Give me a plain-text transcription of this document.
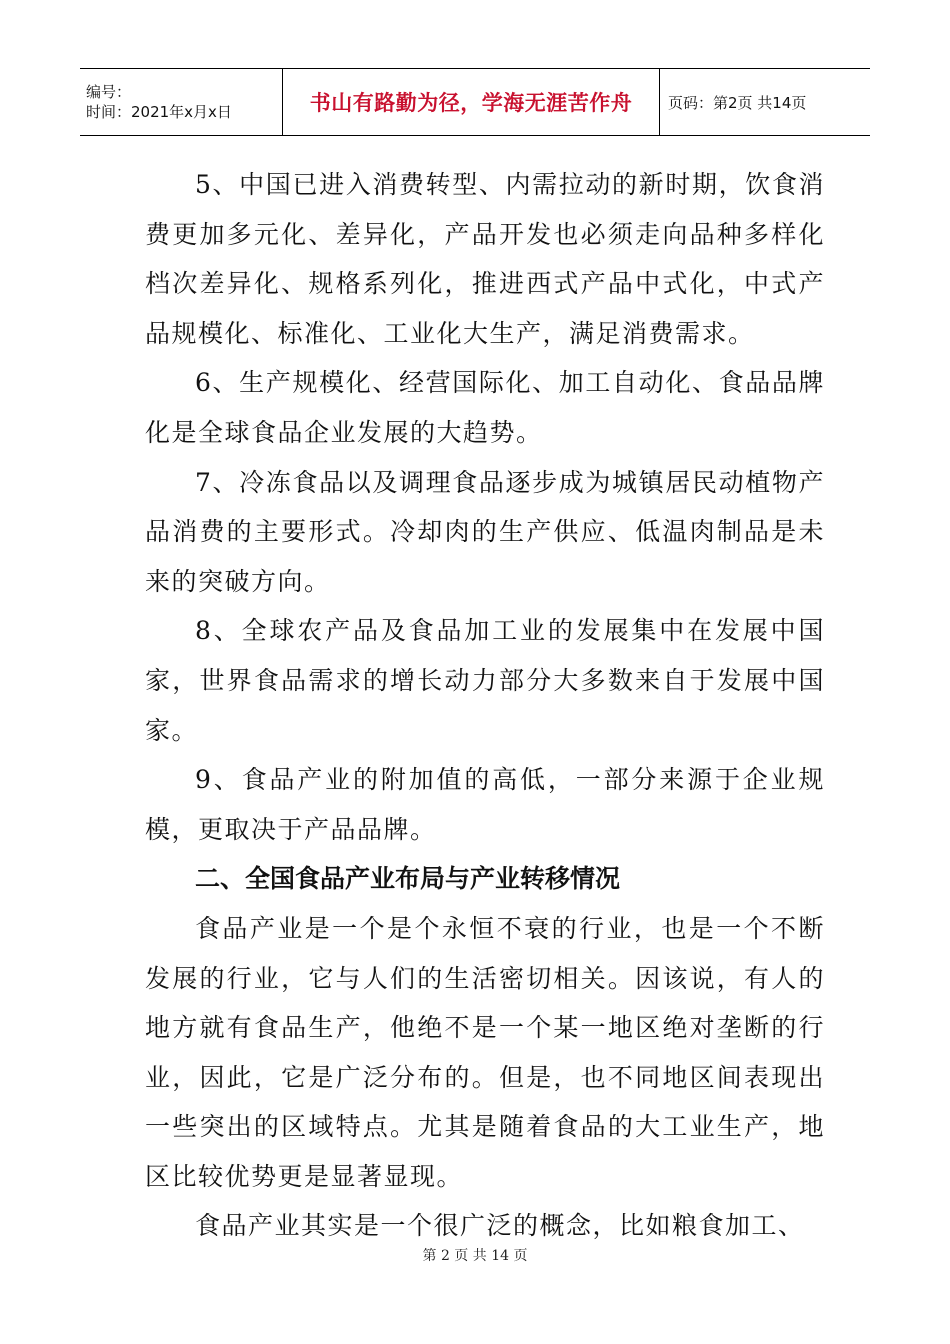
编号：
时间：2021年x月x日	书山有路勤为径，学海无涯苦作舟 页码：第2页 共14页

5、中国已进入消费转型、内需拉动的新时期，饮食消费更加多元化、差异化，产品开发也必须走向品种多样化档次差异化、规格系列化，推进西式产品中式化，中式产品规模化、标准化、工业化大生产，满足消费需求。

6、生产规模化、经营国际化、加工自动化、食品品牌化是全球食品企业发展的大趋势。

7、冷冻食品以及调理食品逐步成为城镇居民动植物产品消费的主要形式。冷却肉的生产供应、低温肉制品是未来的突破方向。

8、全球农产品及食品加工业的发展集中在发展中国家，世界食品需求的增长动力部分大多数来自于发展中国家。

9、食品产业的附加值的高低，一部分来源于企业规模，更取决于产品品牌。

二、全国食品产业布局与产业转移情况

食品产业是一个是个永恒不衰的行业，也是一个不断发展的行业，它与人们的生活密切相关。因该说，有人的地方就有食品生产，他绝不是一个某一地区绝对垄断的行业，因此，它是广泛分布的。但是，也不同地区间表现出一些突出的区域特点。尤其是随着食品的大工业生产，地区比较优势更是显著显现。

食品产业其实是一个很广泛的概念，比如粮食加工、

第 2 页 共 14 页
